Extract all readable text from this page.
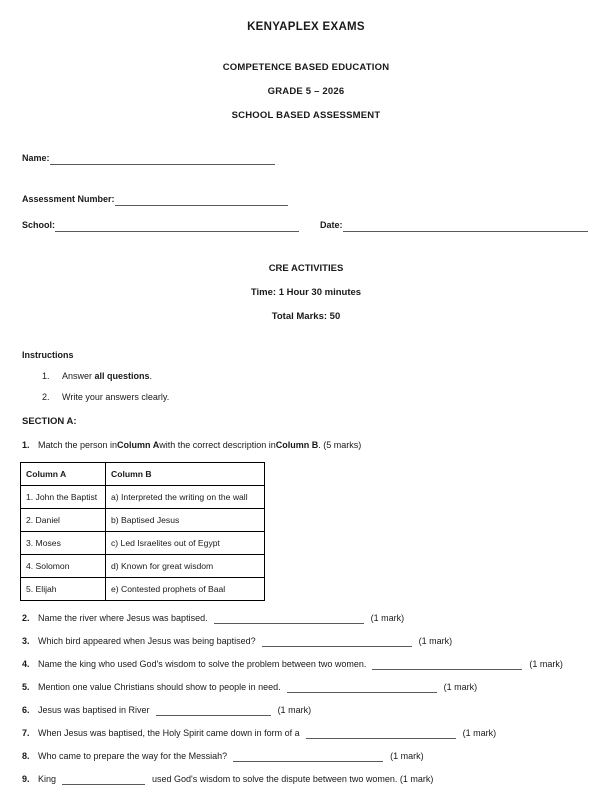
KENYAPLEX EXAMS
COMPETENCE BASED EDUCATION
GRADE 5 – 2026
SCHOOL BASED ASSESSMENT
Name:
Assessment Number:
School:	Date:
CRE ACTIVITIES
Time: 1 Hour 30 minutes
Total Marks: 50
Instructions
1.	Answer all questions.
2.	Write your answers clearly.
SECTION A:
1. Match the person in Column A with the correct description in Column B . (5 marks)
Column A	Column B
1. John the Baptist	a) Interpreted the writing on the wall
2. Daniel	b) Baptised Jesus
3. Moses	c) Led Israelites out of Egypt
4. Solomon	d) Known for great wisdom
5. Elijah	e) Contested prophets of Baal
2. Name the river where Jesus was baptised.	(1 mark)
3. Which bird appeared when Jesus was being baptised?	(1 mark)
4. Name the king who used God's wisdom to solve the problem between two women.	(1 mark)
5. Mention one value Christians should show to people in need.	(1 mark)
6. Jesus was baptised in River	(1 mark)
7. When Jesus was baptised, the Holy Spirit came down in form of a	(1 mark)
8. Who came to prepare the way for the Messiah?	(1 mark)
9. King	used God's wisdom to solve the dispute between two women. (1 mark)
